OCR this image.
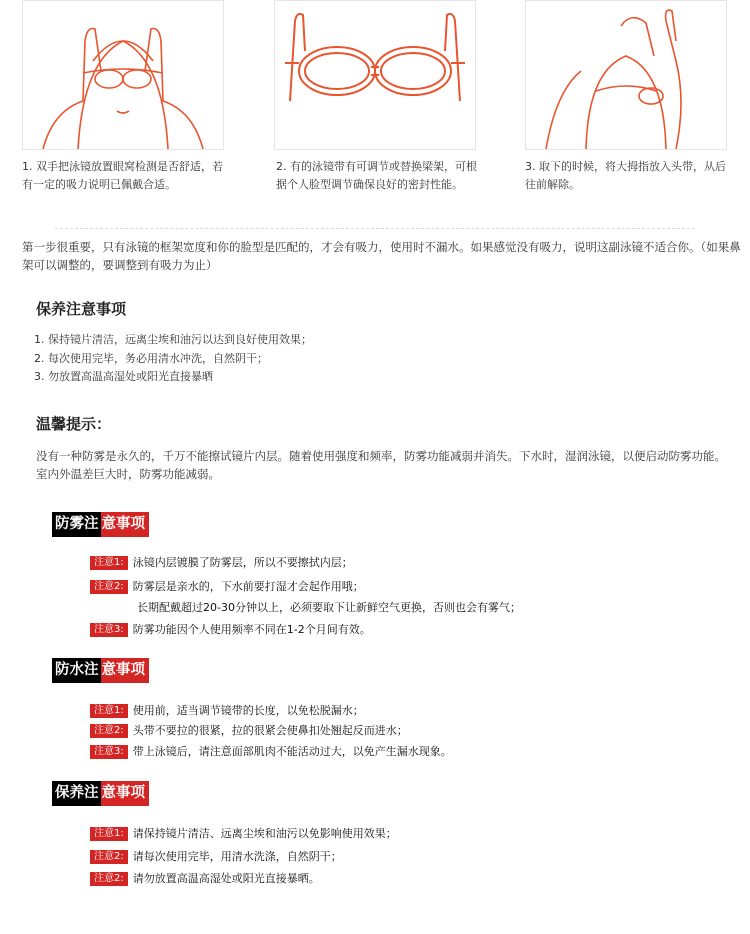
1. 双手把泳镜放置眼窝检测是否舒适，若有一定的吸力说明已佩戴合适。
2. 有的泳镜带有可调节或替换梁架，可根据个人脸型调节确保良好的密封性能。
3. 取下的时候，将大拇指放入头带，从后往前解除。
第一步很重要，只有泳镜的框架宽度和你的脸型是匹配的，才会有吸力，使用时不漏水。如果感觉没有吸力，说明这副泳镜不适合你。（如果鼻架可以调整的，要调整到有吸力为止）
保养注意事项
1. 保持镜片清洁，远离尘埃和油污以达到良好使用效果；
2. 每次使用完毕，务必用清水冲洗，自然阴干；
3. 勿放置高温高湿处或阳光直接暴晒
温馨提示：
没有一种防雾是永久的，千万不能擦试镜片内层。随着使用强度和频率，防雾功能减弱并消失。下水时，湿润泳镜，以便启动防雾功能。室内外温差巨大时，防雾功能减弱。
防雾注 意事项
注意1: 泳镜内层镀膜了防雾层，所以不要擦拭内层；
注意2: 防雾层是亲水的，下水前要打湿才会起作用哦；
长期配戴超过20-30分钟以上，必须要取下让新鲜空气更换，否则也会有雾气；
注意3: 防雾功能因个人使用频率不同在1-2个月间有效。
防水注 意事项
注意1: 使用前，适当调节镜带的长度，以免松脱漏水；
注意2: 头带不要拉的很紧，拉的很紧会使鼻扣处翘起反而进水；
注意3: 带上泳镜后，请注意面部肌肉不能活动过大，以免产生漏水现象。
保养注 意事项
注意1: 请保持镜片清洁、远离尘埃和油污以免影响使用效果；
注意2: 请每次使用完毕，用清水洗涤，自然阴干；
注意2: 请勿放置高温高湿处或阳光直接暴晒。
